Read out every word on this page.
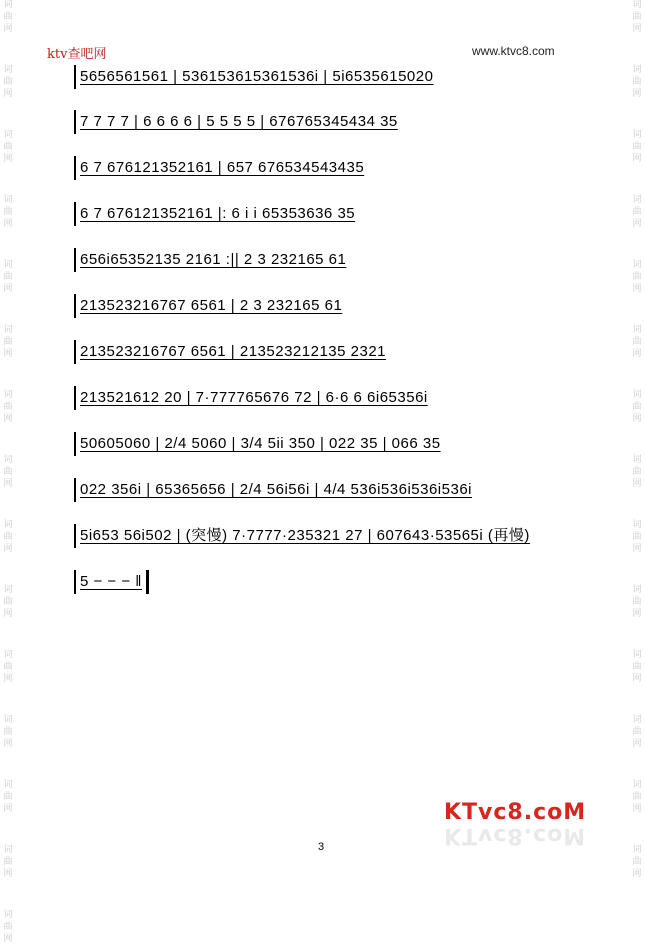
词
曲
网
词
曲
网
词
曲
网
词
曲
网
词
曲
网
词
曲
网
词
曲
网
词
曲
网
词
曲
网
词
曲
网
词
曲
网
词
曲
网
词
曲
网
词
曲
网
词
曲
网
词
曲
网
词
曲
网
词
曲
网
词
曲
网
词
曲
网
词
曲
网
词
曲
网
词
曲
网
词
曲
网
词
曲
网
词
曲
网
词
曲
网
词
曲
网
词
曲
网
ktv查吧网	www.ktvc8.com
5656561561 | 536153615361536i | 5i6535615020
7 7 7 7 | 6 6 6 6 | 5 5 5 5 | 676765345434 35
6 7 676121352161 | 657 676534543435
6 7 676121352161 |: 6 i i 65353636 35
656i65352135 2161 :|| 2 3 232165 61
213523216767 6561 | 2 3 232165 61
213523216767 6561 | 213523212135 2321
213521612 20 | 7·777765676 72 | 6·6 6 6i65356i
50605060 | 2/4 5060 | 3/4 5ii 350 | 022 35 | 066 35
022 356i | 65365656 | 2/4 56i56i | 4/4 536i536i536i536i
5i653 56i502 | (突慢) 7·7777·235321 27 | 607643·53565i (再慢)
5 − − − ‖
3
KTvc8.coM
KTvc8.coM
